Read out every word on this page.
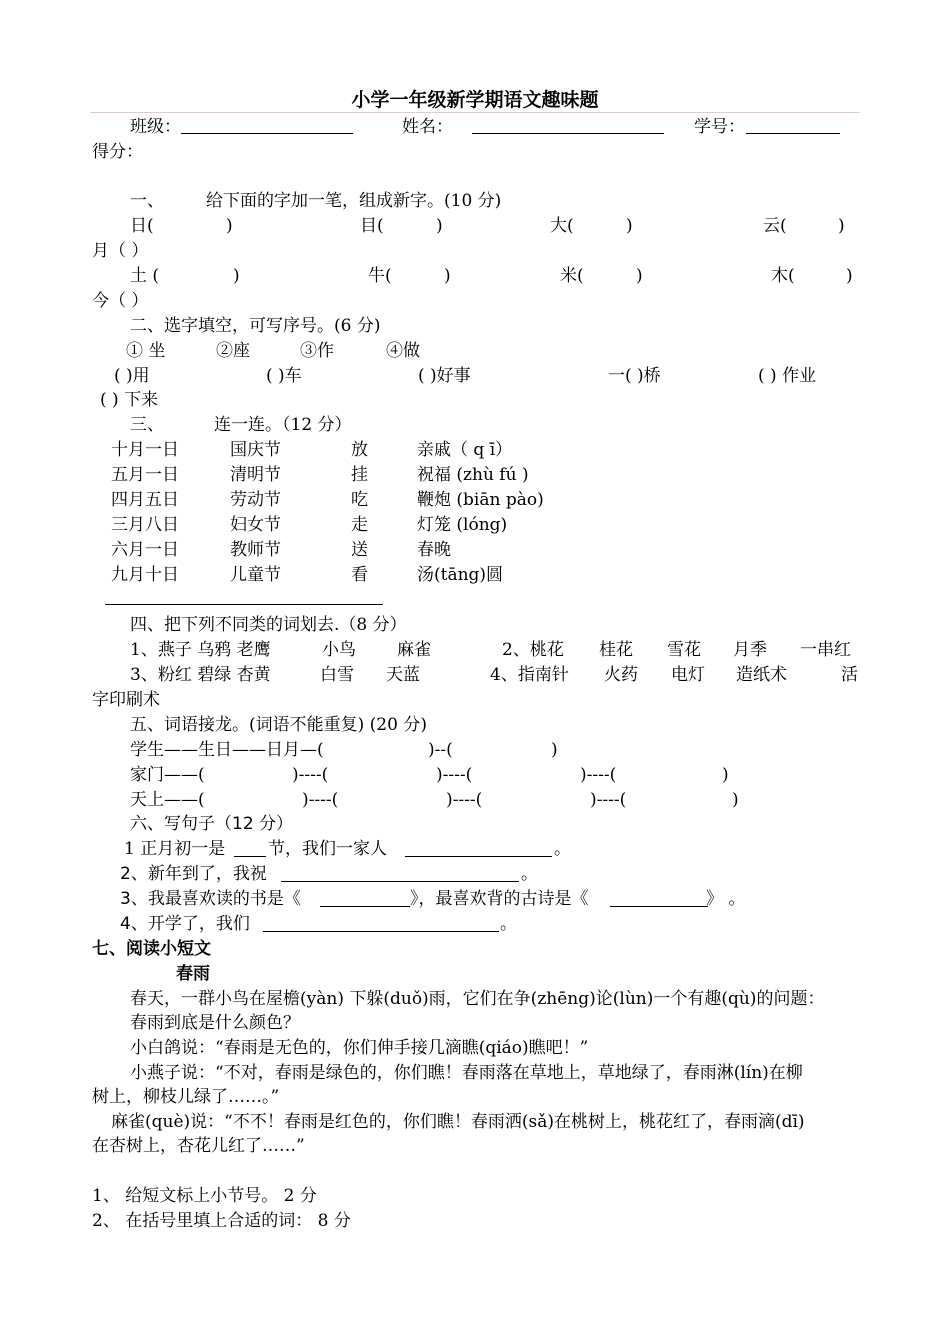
小学一年级新学期语文趣味题
班级：	姓名：	学号：
得分：
一、 给下面的字加一笔，组成新字。(10 分)
日(	)	目(	)	大(	)	云(	)
月（ ）
土 (	)	牛(	)	米(	)	木(	)
今（ ）
二、选字填空，可写序号。(6 分)
① 坐	②座	③作	④做
( )用	( )车	( )好事	一( )桥	( ) 作业
( ) 下来
三、	连一连。（12 分）
十月一日	国庆节	放	亲戚（ q ī）
五月一日	清明节	挂	祝福 (zhù fú )
四月五日	劳动节	吃	鞭炮 (biān pào)
三月八日	妇女节	走	灯笼 (lóng)
六月一日	教师节	送	春晚
九月十日	儿童节	看	汤(tāng)圆
四、把下列不同类的词划去.（8 分）
1、燕子 乌鸦 老鹰	小鸟 麻雀	2、桃花 桂花 雪花 月季 一串红
3、粉红 碧绿 杏黄	白雪 天蓝	4、指南针 火药 电灯 造纸术	活
字印刷术
五、词语接龙。(词语不能重复) (20 分)
学生——生日——日月—(	)--(	)
家门——(	)----(	)----(	)----(	)
天上——(	)----(	)----(	)----(	)
六、写句子（12 分）
1 正月初一是	节，我们一家人	。
2、新年到了，我祝	。
3、我最喜欢读的书是《	》，最喜欢背的古诗是《	》 。
4、开学了，我们	。
七、阅读小短文
春雨
春天，一群小鸟在屋檐(yàn) 下躲(duǒ)雨，它们在争(zhēng)论(lùn)一个有趣(qù)的问题：
春雨到底是什么颜色？
小白鸽说：“春雨是无色的，你们伸手接几滴瞧(qiáo)瞧吧！”
小燕子说：“不对，春雨是绿色的，你们瞧！春雨落在草地上，草地绿了，春雨淋(lín)在柳
树上，柳枝儿绿了……。”
麻雀(què)说：“不不！春雨是红色的，你们瞧！春雨洒(sǎ)在桃树上，桃花红了，春雨滴(dī)
在杏树上，杏花儿红了……”
1、 给短文标上小节号。 2 分
2、 在括号里填上合适的词： 8 分
